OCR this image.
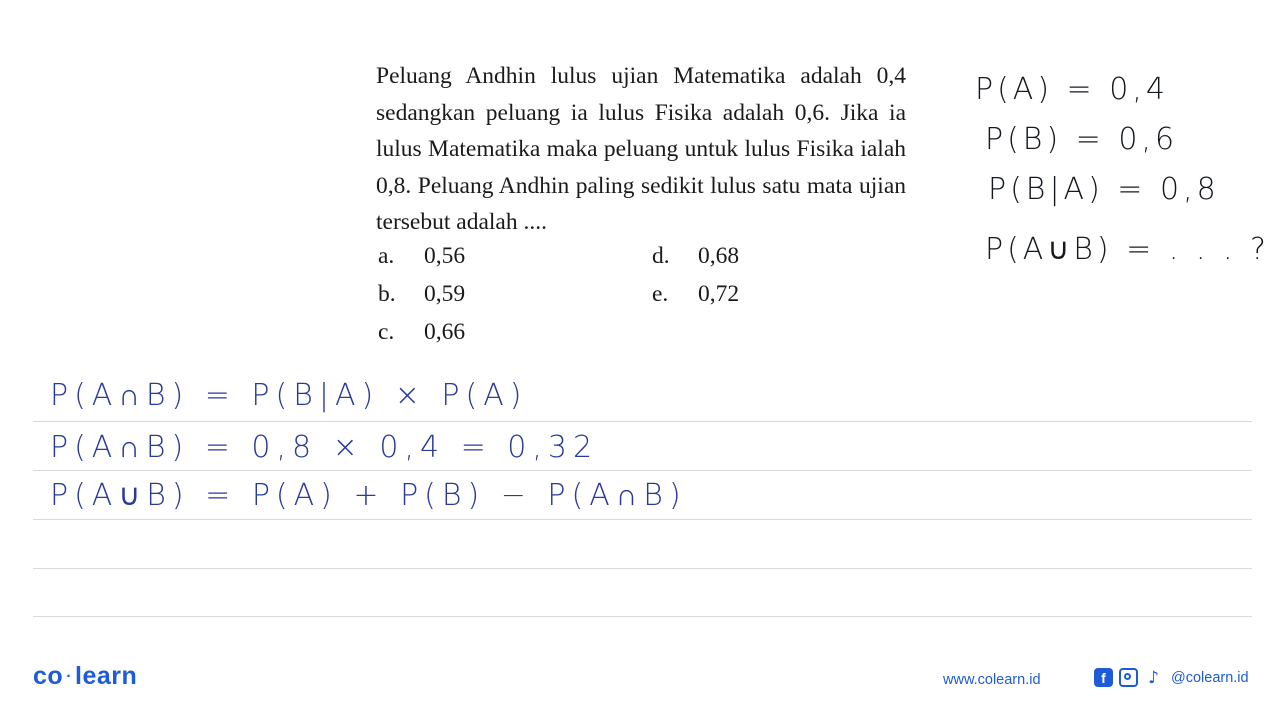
Peluang Andhin lulus ujian Matematika adalah 0,4 sedangkan peluang ia lulus Fisika adalah 0,6. Jika ia lulus Matematika maka peluang untuk lulus Fisika ialah 0,8. Peluang Andhin paling sedikit lulus satu mata ujian tersebut adalah ....

a. 0,56
b. 0,59
c. 0,66
d. 0,68
e. 0,72
P(A) = 0,4
P(B) = 0,6
P(B|A) = 0,8
P(A∪B) = . . . ?
P(A∩B) = P(B|A) × P(A)
P(A∩B) = 0,8 × 0,4 = 0,32
P(A∪B) = P(A) + P(B) − P(A∩B)
co · learn	www.colearn.id	f	♪ @colearn.id
